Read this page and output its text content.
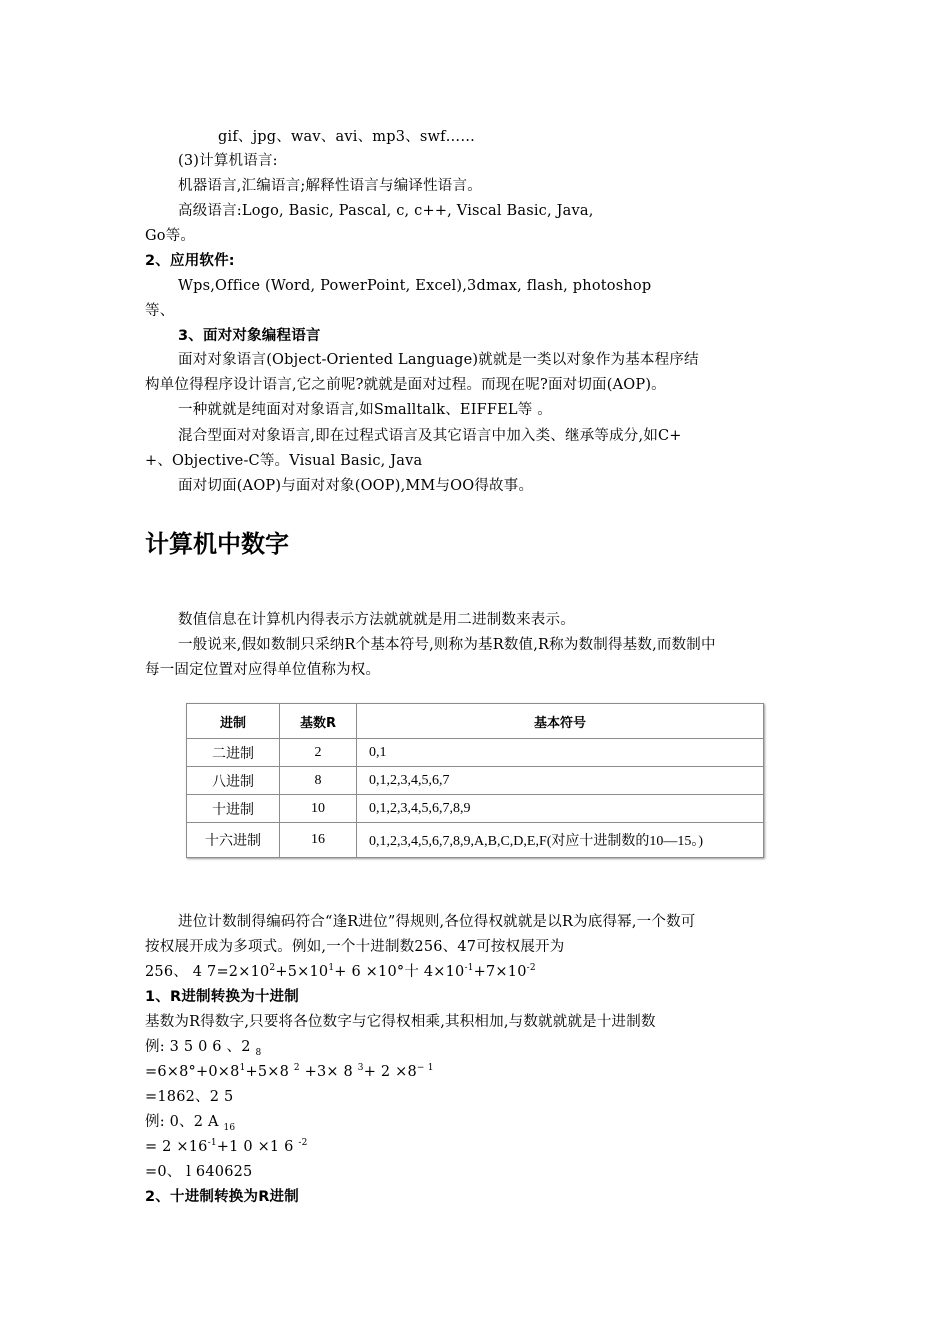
gif、jpg、wav、avi、mp3、swf……
(3)计算机语言:
机器语言,汇编语言;解释性语言与编译性语言。
高级语言:Logo, Basic, Pascal, c, c++, Viscal Basic, Java,
Go等。
2、应用软件:
Wps,Office (Word, PowerPoint, Excel),3dmax, flash, photoshop
等、
3、面对对象编程语言
面对对象语言(Object-Oriented Language)就就是一类以对象作为基本程序结
构单位得程序设计语言,它之前呢?就就是面对过程。而现在呢?面对切面(AOP)。
一种就就是纯面对对象语言,如Smalltalk、EIFFEL等 。
混合型面对对象语言,即在过程式语言及其它语言中加入类、继承等成分,如C+
+、Objective-C等。Visual Basic, Java
面对切面(AOP)与面对对象(OOP),MM与OO得故事。
计算机中数字
数值信息在计算机内得表示方法就就就是用二进制数来表示。
一般说来,假如数制只采纳R个基本符号,则称为基R数值,R称为数制得基数,而数制中
每一固定位置对应得单位值称为权。
进制	基数R	基本符号
二进制	2	0,1
八进制	8	0,1,2,3,4,5,6,7
十进制	10	0,1,2,3,4,5,6,7,8,9
十六进制	16	0,1,2,3,4,5,6,7,8,9,A,B,C,D,E,F(对应十进制数的10—15。)
进位计数制得编码符合“逢R进位”得规则,各位得权就就是以R为底得幂,一个数可
按权展开成为多项式。例如,一个十进制数256、47可按权展开为
256、 4 $7=2\times 10^2+5\times 10^1+ 6 \times 10^\circ$十 $4\times 10^{-1}+7\times 10^{-2}$
1、R进制转换为十进制
基数为R得数字,只要将各位数字与它得权相乘,其积相加,与数就就就是十进制数
例: 3 5 0 6 、2 $_8$
$=6\times 8^\circ+0\times 8^1+5\times 8$ $^2$ +3× 8 $^3+ 2 \times 8^{- 1}$
=1862、2 5
例: 0、2 A $_{16}$
= $2 \times 16^{-1}+1$ 0 ×1 6 $^{-2}$
=0、 l 640625
2、十进制转换为R进制
